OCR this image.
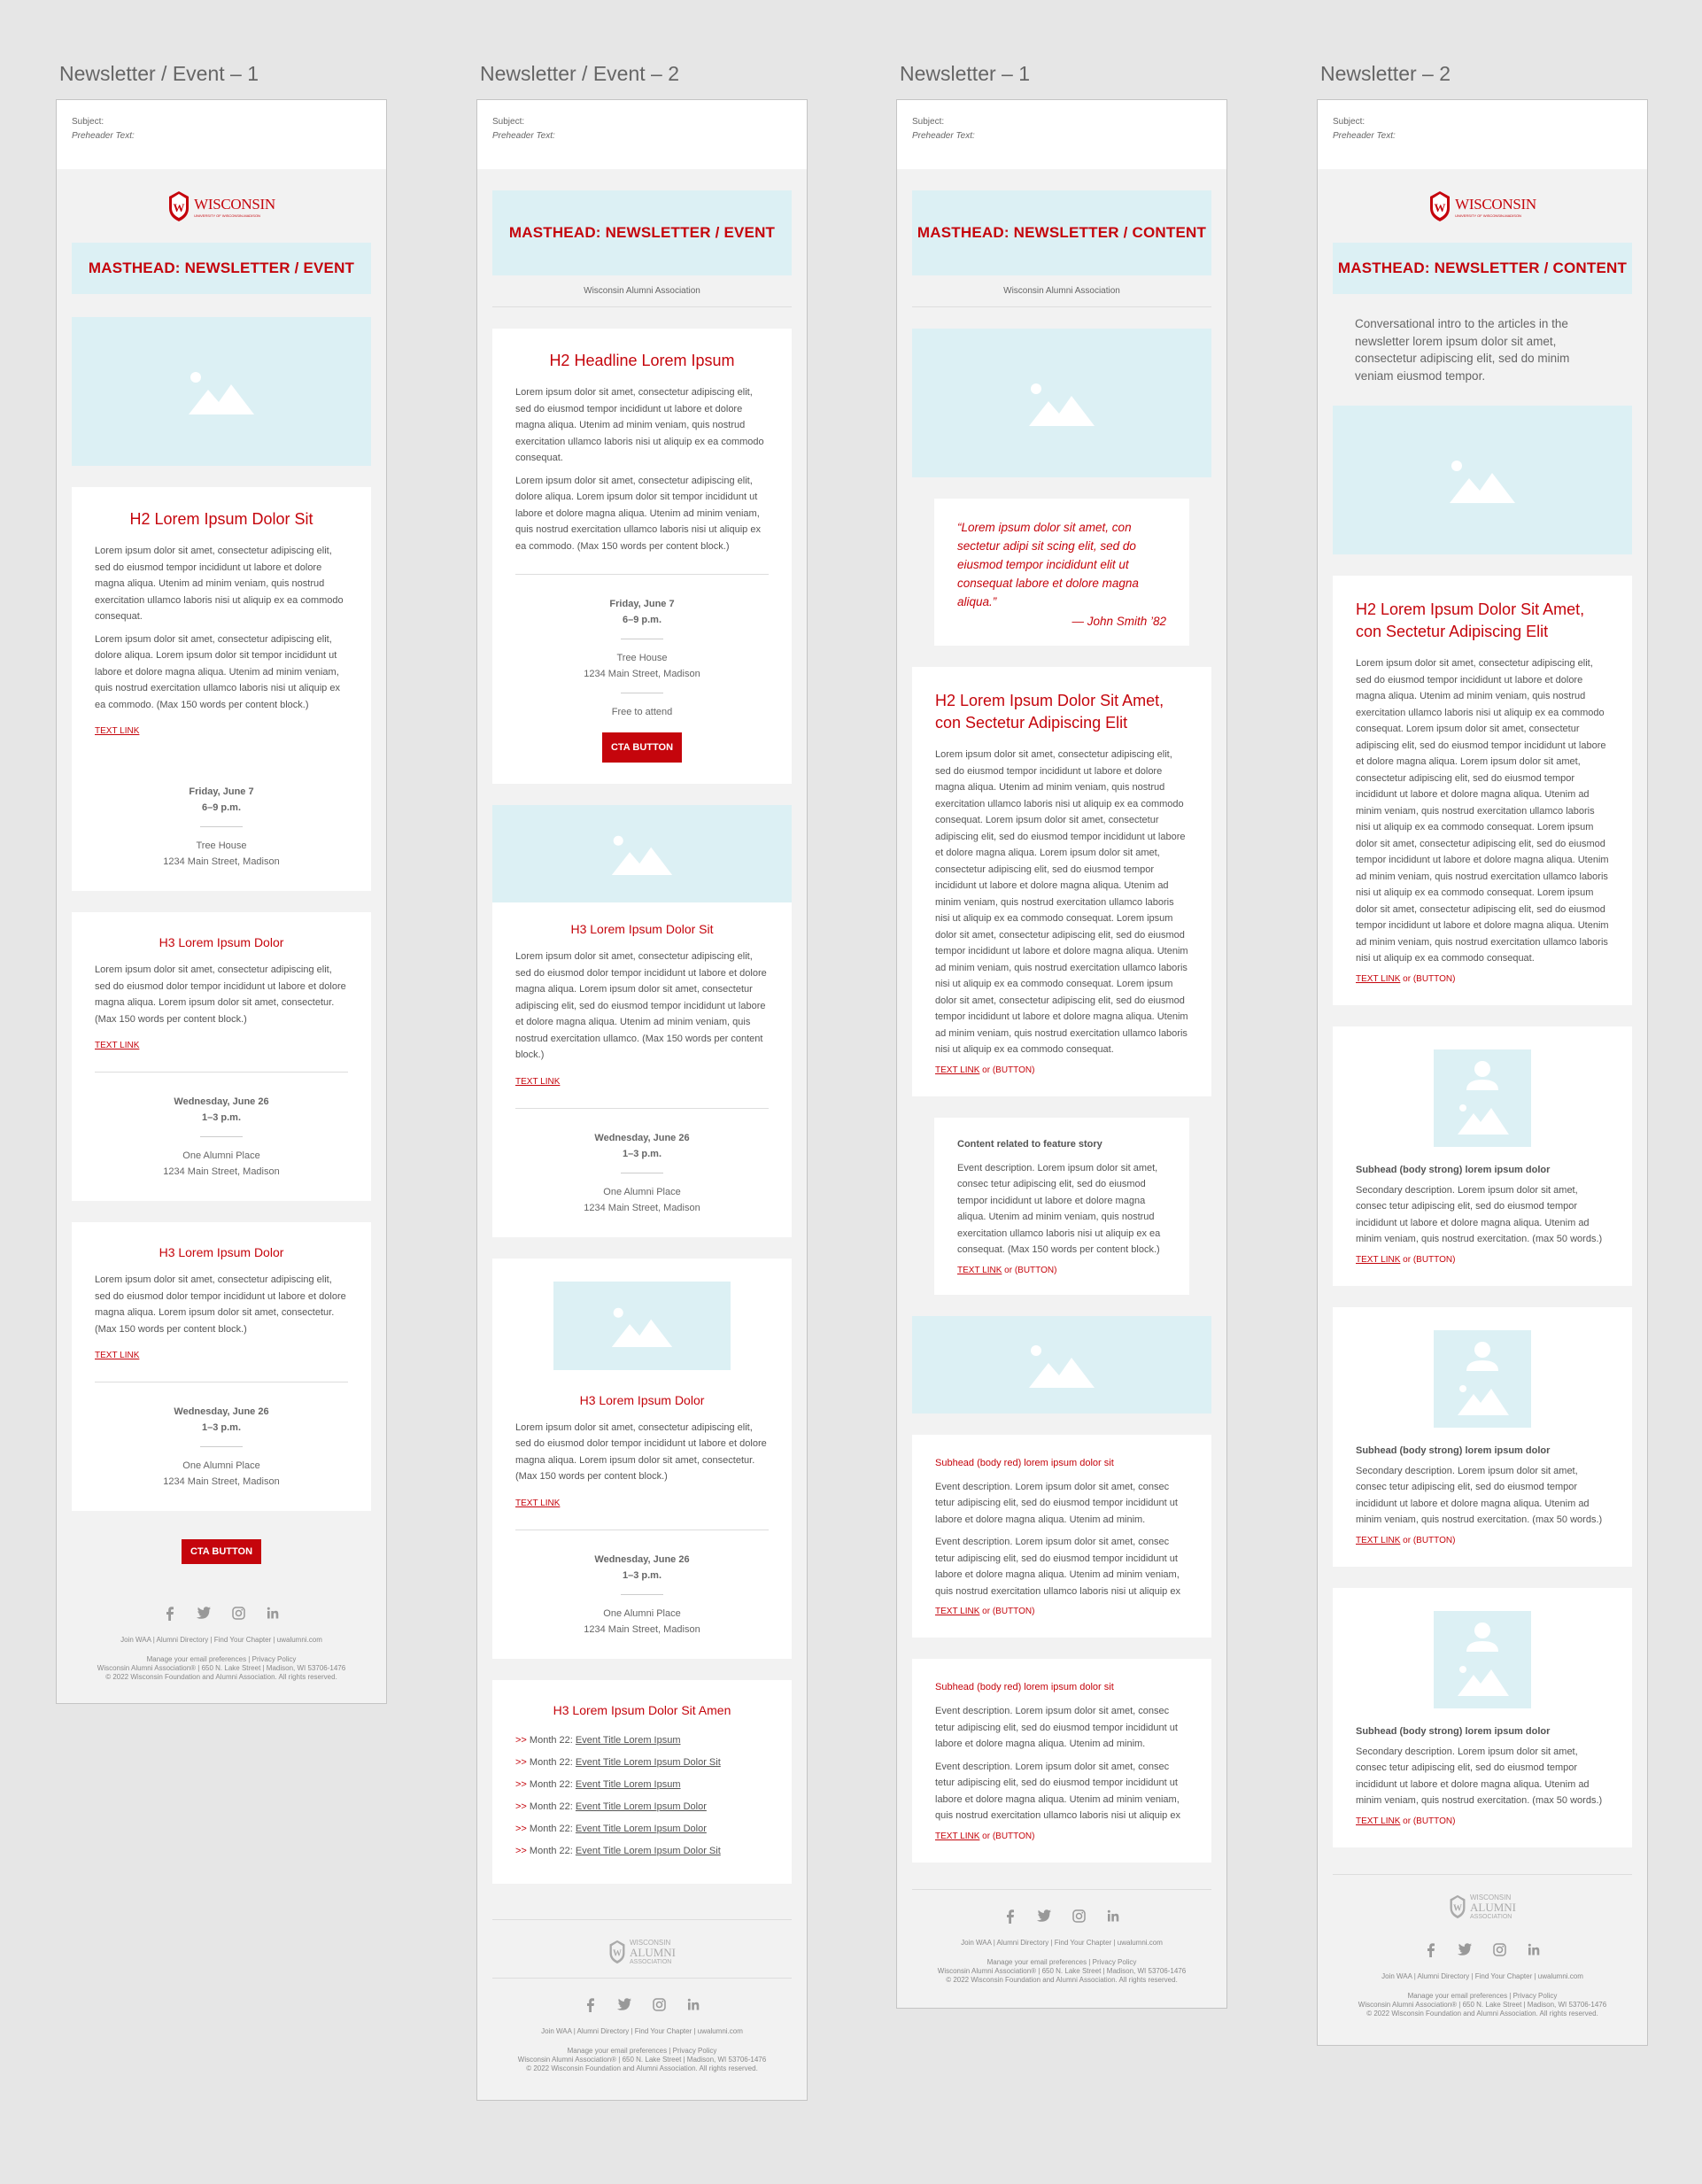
Newsletter / Event – 1
Subject:
Preheader Text:
W WISCONSIN
UNIVERSITY OF WISCONSIN-MADISON
MASTHEAD: NEWSLETTER / EVENT
H2 Lorem Ipsum Dolor Sit

Lorem ipsum dolor sit amet, consectetur adipiscing elit, sed do eiusmod tempor incididunt ut labore et dolore magna aliqua. Utenim ad minim veniam, quis nostrud exercitation ullamco laboris nisi ut aliquip ex ea commodo consequat.

Lorem ipsum dolor sit amet, consectetur adipiscing elit, dolore aliqua. Lorem ipsum dolor sit tempor incididunt ut labore et dolore magna aliqua. Utenim ad minim veniam, quis nostrud exercitation ullamco laboris nisi ut aliquip ex ea commodo. (Max 150 words per content block.)

TEXT LINK
Friday, June 7
6–9 p.m.
Tree House
1234 Main Street, Madison
H3 Lorem Ipsum Dolor

Lorem ipsum dolor sit amet, consectetur adipiscing elit, sed do eiusmod dolor tempor incididunt ut labore et dolore magna aliqua. Lorem ipsum dolor sit amet, consectetur. (Max 150 words per content block.)

TEXT LINK
Wednesday, June 26
1–3 p.m.
One Alumni Place
1234 Main Street, Madison
H3 Lorem Ipsum Dolor

Lorem ipsum dolor sit amet, consectetur adipiscing elit, sed do eiusmod dolor tempor incididunt ut labore et dolore magna aliqua. Lorem ipsum dolor sit amet, consectetur. (Max 150 words per content block.)

TEXT LINK
Wednesday, June 26
1–3 p.m.
One Alumni Place
1234 Main Street, Madison
CTA BUTTON
Join WAA | Alumni Directory | Find Your Chapter | uwalumni.com
Manage your email preferences | Privacy Policy
Wisconsin Alumni Association® | 650 N. Lake Street | Madison, WI 53706-1476
© 2022 Wisconsin Foundation and Alumni Association. All rights reserved.
Newsletter / Event – 2
Subject:
Preheader Text:
MASTHEAD: NEWSLETTER / EVENT
Wisconsin Alumni Association
H2 Headline Lorem Ipsum

Lorem ipsum dolor sit amet, consectetur adipiscing elit, sed do eiusmod tempor incididunt ut labore et dolore magna aliqua. Utenim ad minim veniam, quis nostrud exercitation ullamco laboris nisi ut aliquip ex ea commodo consequat.

Lorem ipsum dolor sit amet, consectetur adipiscing elit, dolore aliqua. Lorem ipsum dolor sit tempor incididunt ut labore et dolore magna aliqua. Utenim ad minim veniam, quis nostrud exercitation ullamco laboris nisi ut aliquip ex ea commodo. (Max 150 words per content block.)

Friday, June 7
6–9 p.m.
Tree House
1234 Main Street, Madison
Free to attend
CTA BUTTON
H3 Lorem Ipsum Dolor Sit

Lorem ipsum dolor sit amet, consectetur adipiscing elit, sed do eiusmod dolor tempor incididunt ut labore et dolore magna aliqua. Lorem ipsum dolor sit amet, consectetur adipiscing elit, sed do eiusmod tempor incididunt ut labore et dolore magna aliqua. Utenim ad minim veniam, quis nostrud exercitation ullamco. (Max 150 words per content block.)

TEXT LINK
Wednesday, June 26
1–3 p.m.
One Alumni Place
1234 Main Street, Madison
H3 Lorem Ipsum Dolor

Lorem ipsum dolor sit amet, consectetur adipiscing elit, sed do eiusmod dolor tempor incididunt ut labore et dolore magna aliqua. Lorem ipsum dolor sit amet, consectetur. (Max 150 words per content block.)

TEXT LINK
Wednesday, June 26
1–3 p.m.
One Alumni Place
1234 Main Street, Madison
H3 Lorem Ipsum Dolor Sit Amen
>> Month 22: Event Title Lorem Ipsum
>> Month 22: Event Title Lorem Ipsum Dolor Sit
>> Month 22: Event Title Lorem Ipsum
>> Month 22: Event Title Lorem Ipsum Dolor
>> Month 22: Event Title Lorem Ipsum Dolor
>> Month 22: Event Title Lorem Ipsum Dolor Sit
W
WISCONSIN
ALUMNI
ASSOCIATION
Join WAA | Alumni Directory | Find Your Chapter | uwalumni.com
Manage your email preferences | Privacy Policy
Wisconsin Alumni Association® | 650 N. Lake Street | Madison, WI 53706-1476
© 2022 Wisconsin Foundation and Alumni Association. All rights reserved.
Newsletter – 1
Subject:
Preheader Text:
MASTHEAD: NEWSLETTER / CONTENT
Wisconsin Alumni Association
“Lorem ipsum dolor sit amet, con sectetur adipi sit scing elit, sed do eiusmod tempor incididunt elit ut consequat labore et dolore magna aliqua.”
— John Smith ’82
H2 Lorem Ipsum Dolor Sit Amet, con Sectetur Adipiscing Elit

Lorem ipsum dolor sit amet, consectetur adipiscing elit, sed do eiusmod tempor incididunt ut labore et dolore magna aliqua. Utenim ad minim veniam, quis nostrud exercitation ullamco laboris nisi ut aliquip ex ea commodo consequat. Lorem ipsum dolor sit amet, consectetur adipiscing elit, sed do eiusmod tempor incididunt ut labore et dolore magna aliqua. Lorem ipsum dolor sit amet, consectetur adipiscing elit, sed do eiusmod tempor incididunt ut labore et dolore magna aliqua. Utenim ad minim veniam, quis nostrud exercitation ullamco laboris nisi ut aliquip ex ea commodo consequat. Lorem ipsum dolor sit amet, consectetur adipiscing elit, sed do eiusmod tempor incididunt ut labore et dolore magna aliqua. Utenim ad minim veniam, quis nostrud exercitation ullamco laboris nisi ut aliquip ex ea commodo consequat. Lorem ipsum dolor sit amet, consectetur adipiscing elit, sed do eiusmod tempor incididunt ut labore et dolore magna aliqua. Utenim ad minim veniam, quis nostrud exercitation ullamco laboris nisi ut aliquip ex ea commodo consequat.

TEXT LINK or (BUTTON)
Content related to feature story

Event description. Lorem ipsum dolor sit amet, consec tetur adipiscing elit, sed do eiusmod tempor incididunt ut labore et dolore magna aliqua. Utenim ad minim veniam, quis nostrud exercitation ullamco laboris nisi ut aliquip ex ea consequat. (Max 150 words per content block.)

TEXT LINK or (BUTTON)
Subhead (body red) lorem ipsum dolor sit

Event description. Lorem ipsum dolor sit amet, consec tetur adipiscing elit, sed do eiusmod tempor incididunt ut labore et dolore magna aliqua. Utenim ad minim.

Event description. Lorem ipsum dolor sit amet, consec tetur adipiscing elit, sed do eiusmod tempor incididunt ut labore et dolore magna aliqua. Utenim ad minim veniam, quis nostrud exercitation ullamco laboris nisi ut aliquip ex

TEXT LINK or (BUTTON)
Subhead (body red) lorem ipsum dolor sit

Event description. Lorem ipsum dolor sit amet, consec tetur adipiscing elit, sed do eiusmod tempor incididunt ut labore et dolore magna aliqua. Utenim ad minim.

Event description. Lorem ipsum dolor sit amet, consec tetur adipiscing elit, sed do eiusmod tempor incididunt ut labore et dolore magna aliqua. Utenim ad minim veniam, quis nostrud exercitation ullamco laboris nisi ut aliquip ex

TEXT LINK or (BUTTON)
Join WAA | Alumni Directory | Find Your Chapter | uwalumni.com
Manage your email preferences | Privacy Policy
Wisconsin Alumni Association® | 650 N. Lake Street | Madison, WI 53706-1476
© 2022 Wisconsin Foundation and Alumni Association. All rights reserved.
Newsletter – 2
Subject:
Preheader Text:
W WISCONSIN
UNIVERSITY OF WISCONSIN-MADISON
MASTHEAD: NEWSLETTER / CONTENT
Conversational intro to the articles in the newsletter lorem ipsum dolor sit amet, consectetur adipiscing elit, sed do minim veniam eiusmod tempor.
H2 Lorem Ipsum Dolor Sit Amet, con Sectetur Adipiscing Elit

Lorem ipsum dolor sit amet, consectetur adipiscing elit, sed do eiusmod tempor incididunt ut labore et dolore magna aliqua. Utenim ad minim veniam, quis nostrud exercitation ullamco laboris nisi ut aliquip ex ea commodo consequat. Lorem ipsum dolor sit amet, consectetur adipiscing elit, sed do eiusmod tempor incididunt ut labore et dolore magna aliqua. Lorem ipsum dolor sit amet, consectetur adipiscing elit, sed do eiusmod tempor incididunt ut labore et dolore magna aliqua. Utenim ad minim veniam, quis nostrud exercitation ullamco laboris nisi ut aliquip ex ea commodo consequat. Lorem ipsum dolor sit amet, consectetur adipiscing elit, sed do eiusmod tempor incididunt ut labore et dolore magna aliqua. Utenim ad minim veniam, quis nostrud exercitation ullamco laboris nisi ut aliquip ex ea commodo consequat. Lorem ipsum dolor sit amet, consectetur adipiscing elit, sed do eiusmod tempor incididunt ut labore et dolore magna aliqua. Utenim ad minim veniam, quis nostrud exercitation ullamco laboris nisi ut aliquip ex ea commodo consequat.

TEXT LINK or (BUTTON)
Subhead (body strong) lorem ipsum dolor

Secondary description. Lorem ipsum dolor sit amet, consec tetur adipiscing elit, sed do eiusmod tempor incididunt ut labore et dolore magna aliqua. Utenim ad minim veniam, quis nostrud exercitation. (max 50 words.)

TEXT LINK or (BUTTON)
Subhead (body strong) lorem ipsum dolor

Secondary description. Lorem ipsum dolor sit amet, consec tetur adipiscing elit, sed do eiusmod tempor incididunt ut labore et dolore magna aliqua. Utenim ad minim veniam, quis nostrud exercitation. (max 50 words.)

TEXT LINK or (BUTTON)
Subhead (body strong) lorem ipsum dolor

Secondary description. Lorem ipsum dolor sit amet, consec tetur adipiscing elit, sed do eiusmod tempor incididunt ut labore et dolore magna aliqua. Utenim ad minim veniam, quis nostrud exercitation. (max 50 words.)

TEXT LINK or (BUTTON)
W
WISCONSIN
ALUMNI
ASSOCIATION
Join WAA | Alumni Directory | Find Your Chapter | uwalumni.com
Manage your email preferences | Privacy Policy
Wisconsin Alumni Association® | 650 N. Lake Street | Madison, WI 53706-1476
© 2022 Wisconsin Foundation and Alumni Association. All rights reserved.
